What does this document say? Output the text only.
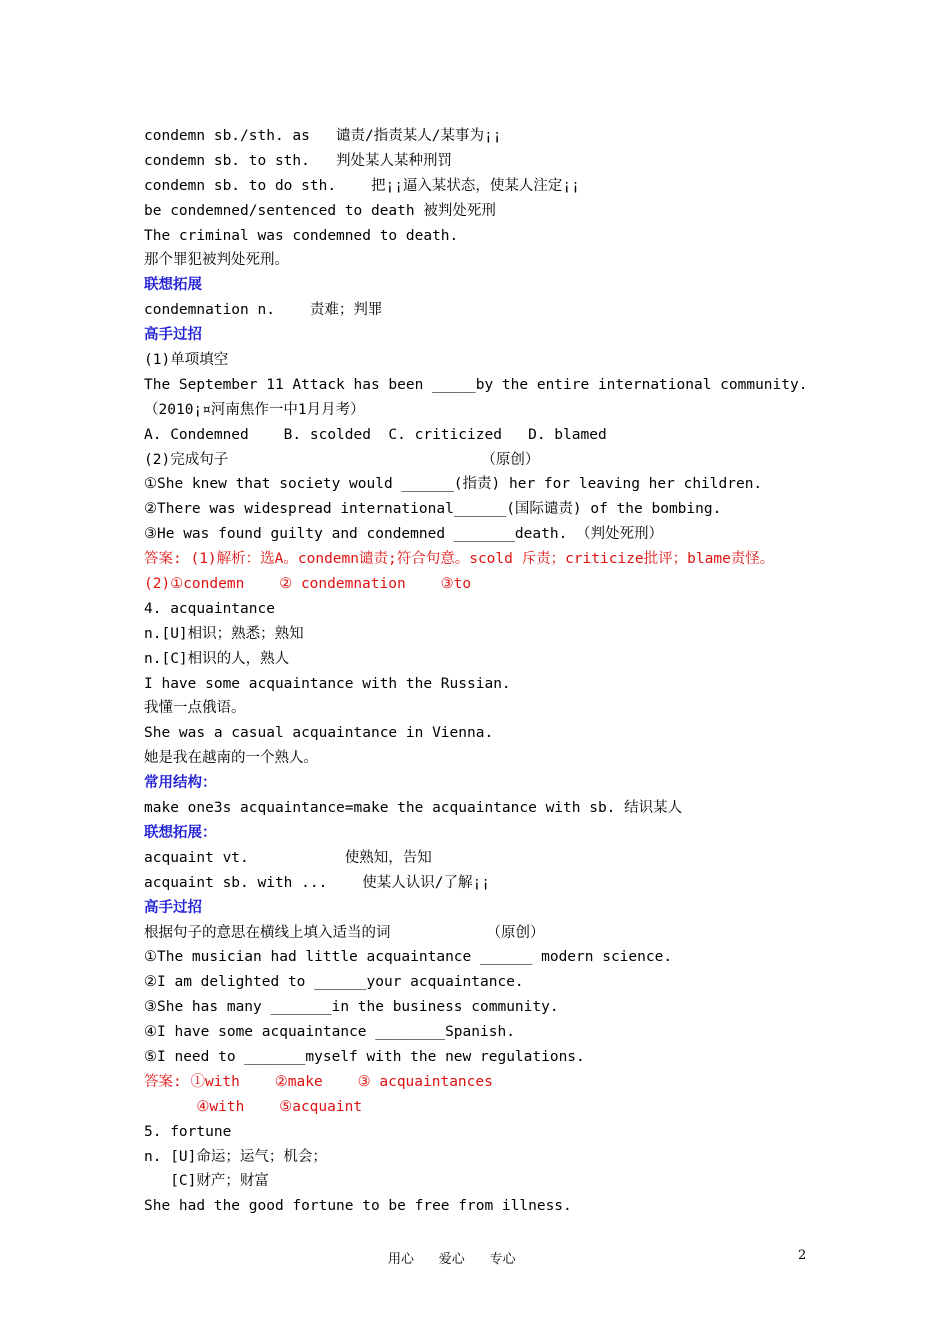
condemn sb./sth. as   谴责/指责某人/某事为¡¡
condemn sb. to sth.   判处某人某种刑罚
condemn sb. to do sth.    把¡¡逼入某状态，使某人注定¡¡
be condemned/sentenced to death 被判处死刑
The criminal was condemned to death.
那个罪犯被判处死刑。
联想拓展
condemnation n.    责难；判罪
高手过招
(1)单项填空
The September 11 Attack has been _____by the entire international community.
（2010¡¤河南焦作一中1月月考）
A. Condemned    B. scolded  C. criticized   D. blamed
(2)完成句子                             （原创）
①She knew that society would ______(指责) her for leaving her children.
②There was widespread international______(国际谴责) of the bombing.
③He was found guilty and condemned _______death. （判处死刑）
答案: (1)解析：选A。condemn谴责;符合句意。scold 斥责；criticize批评；blame责怪。
(2)①condemn    ② condemnation    ③to
4. acquaintance
n.[U]相识；熟悉；熟知
n.[C]相识的人，熟人
I have some acquaintance with the Russian.
我懂一点俄语。
She was a casual acquaintance in Vienna.
她是我在越南的一个熟人。
常用结构：
make one3s acquaintance=make the acquaintance with sb. 结识某人
联想拓展：
acquaint vt.           使熟知，告知
acquaint sb. with ...    使某人认识/了解¡¡
高手过招
根据句子的意思在横线上填入适当的词           （原创）
①The musician had little acquaintance ______ modern science.
②I am delighted to ______your acquaintance.
③She has many _______in the business community.
④I have some acquaintance ________Spanish.
⑤I need to _______myself with the new regulations.
答案: ①with    ②make    ③ acquaintances
④with    ⑤acquaint
5. fortune
n. [U]命运；运气；机会；
[C]财产；财富
She had the good fortune to be free from illness.
用心      爱心      专心	2
